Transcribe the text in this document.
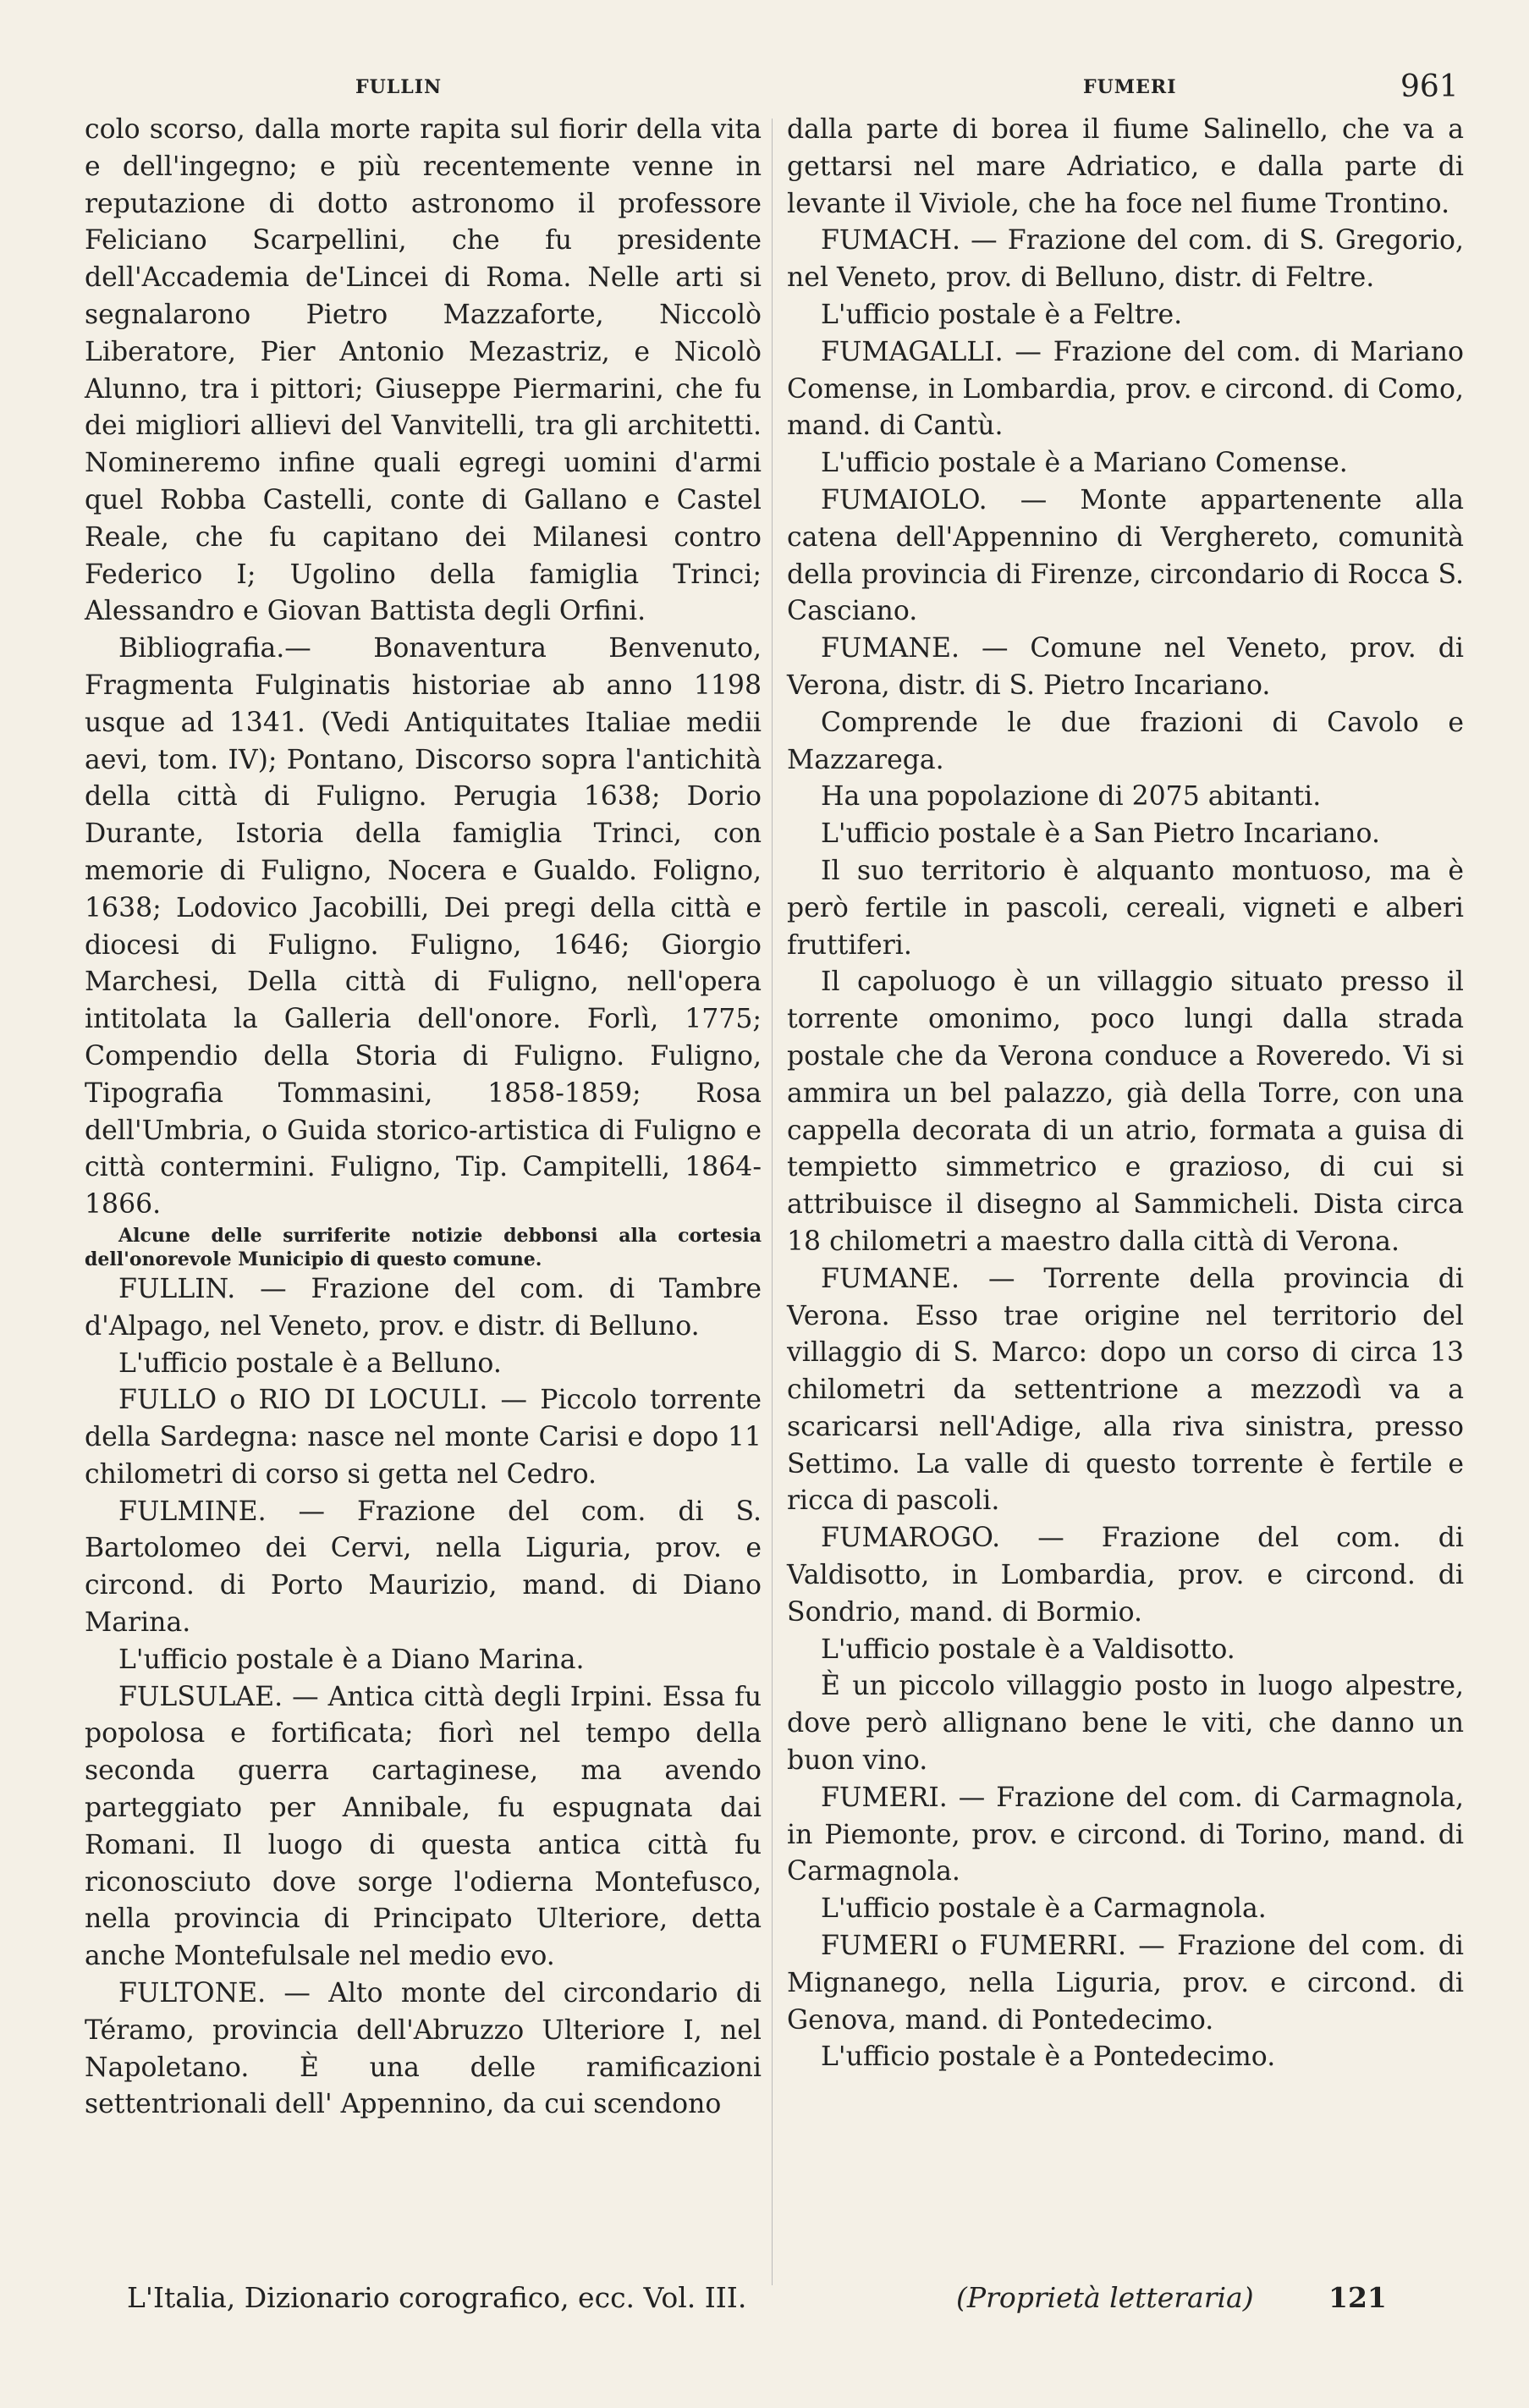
FULLIN	FUMERI	961

colo scorso, dalla morte rapita sul fiorir della vita e dell'ingegno; e più recentemente venne in reputazione di dotto astronomo il professore Feliciano Scarpellini, che fu presidente dell'Accademia de'Lincei di Roma. Nelle arti si segnalarono Pietro Mazzaforte, Niccolò Liberatore, Pier Antonio Mezastriz, e Nicolò Alunno, tra i pittori; Giuseppe Piermarini, che fu dei migliori allievi del Vanvitelli, tra gli architetti. Nomineremo infine quali egregi uomini d'armi quel Robba Castelli, conte di Gallano e Castel Reale, che fu capitano dei Milanesi contro Federico I; Ugolino della famiglia Trinci; Alessandro e Giovan Battista degli Orfini.

Bibliografia.— Bonaventura Benvenuto, Fragmenta Fulginatis historiae ab anno 1198 usque ad 1341. (Vedi Antiquitates Italiae medii aevi, tom. IV); Pontano, Discorso sopra l'antichità della città di Fuligno. Perugia 1638; Dorio Durante, Istoria della famiglia Trinci, con memorie di Fuligno, Nocera e Gualdo. Foligno, 1638; Lodovico Jacobilli, Dei pregi della città e diocesi di Fuligno. Fuligno, 1646; Giorgio Marchesi, Della città di Fuligno, nell'opera intitolata la Galleria dell'onore. Forlì, 1775; Compendio della Storia di Fuligno. Fuligno, Tipografia Tommasini, 1858-1859; Rosa dell'Umbria, o Guida storico-artistica di Fuligno e città contermini. Fuligno, Tip. Campitelli, 1864-1866.

Alcune delle surriferite notizie debbonsi alla cortesia dell'onorevole Municipio di questo comune.

FULLIN. — Frazione del com. di Tambre d'Alpago, nel Veneto, prov. e distr. di Belluno.

L'ufficio postale è a Belluno.

FULLO o RIO DI LOCULI. — Piccolo torrente della Sardegna: nasce nel monte Carisi e dopo 11 chilometri di corso si getta nel Cedro.

FULMINE. — Frazione del com. di S. Bartolomeo dei Cervi, nella Liguria, prov. e circond. di Porto Maurizio, mand. di Diano Marina.

L'ufficio postale è a Diano Marina.

FULSULAE. — Antica città degli Irpini. Essa fu popolosa e fortificata; fiorì nel tempo della seconda guerra cartaginese, ma avendo parteggiato per Annibale, fu espugnata dai Romani. Il luogo di questa antica città fu riconosciuto dove sorge l'odierna Montefusco, nella provincia di Principato Ulteriore, detta anche Montefulsale nel medio evo.

FULTONE. — Alto monte del circondario di Téramo, provincia dell'Abruzzo Ulteriore I, nel Napoletano. È una delle ramificazioni settentrionali dell' Appennino, da cui scendono

dalla parte di borea il fiume Salinello, che va a gettarsi nel mare Adriatico, e dalla parte di levante il Viviole, che ha foce nel fiume Trontino.

FUMACH. — Frazione del com. di S. Gregorio, nel Veneto, prov. di Belluno, distr. di Feltre.

L'ufficio postale è a Feltre.

FUMAGALLI. — Frazione del com. di Mariano Comense, in Lombardia, prov. e circond. di Como, mand. di Cantù.

L'ufficio postale è a Mariano Comense.

FUMAIOLO. — Monte appartenente alla catena dell'Appennino di Verghereto, comunità della provincia di Firenze, circondario di Rocca S. Casciano.

FUMANE. — Comune nel Veneto, prov. di Verona, distr. di S. Pietro Incariano.

Comprende le due frazioni di Cavolo e Mazzarega.

Ha una popolazione di 2075 abitanti.

L'ufficio postale è a San Pietro Incariano.

Il suo territorio è alquanto montuoso, ma è però fertile in pascoli, cereali, vigneti e alberi fruttiferi.

Il capoluogo è un villaggio situato presso il torrente omonimo, poco lungi dalla strada postale che da Verona conduce a Roveredo. Vi si ammira un bel palazzo, già della Torre, con una cappella decorata di un atrio, formata a guisa di tempietto simmetrico e grazioso, di cui si attribuisce il disegno al Sammicheli. Dista circa 18 chilometri a maestro dalla città di Verona.

FUMANE. — Torrente della provincia di Verona. Esso trae origine nel territorio del villaggio di S. Marco: dopo un corso di circa 13 chilometri da settentrione a mezzodì va a scaricarsi nell'Adige, alla riva sinistra, presso Settimo. La valle di questo torrente è fertile e ricca di pascoli.

FUMAROGO. — Frazione del com. di Valdisotto, in Lombardia, prov. e circond. di Sondrio, mand. di Bormio.

L'ufficio postale è a Valdisotto.

È un piccolo villaggio posto in luogo alpestre, dove però allignano bene le viti, che danno un buon vino.

FUMERI. — Frazione del com. di Carmagnola, in Piemonte, prov. e circond. di Torino, mand. di Carmagnola.

L'ufficio postale è a Carmagnola.

FUMERI o FUMERRI. — Frazione del com. di Mignanego, nella Liguria, prov. e circond. di Genova, mand. di Pontedecimo.

L'ufficio postale è a Pontedecimo.

L'Italia, Dizionario corografico, ecc. Vol. III.	(Proprietà letteraria)	121
